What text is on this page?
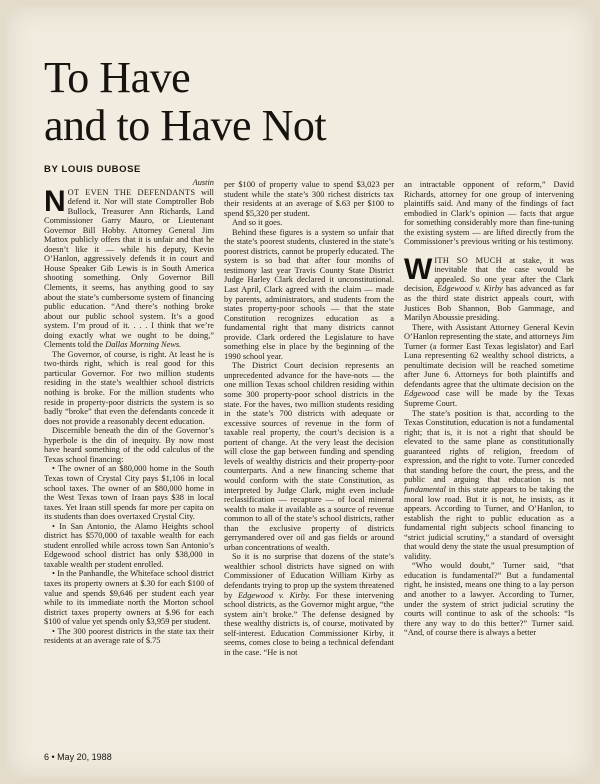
To Have
and to Have Not
BY LOUIS DUBOSE
Austin

NOT EVEN THE DEFENDANTS will defend it. Nor will state Comptroller Bob Bullock, Treasurer Ann Richards, Land Commissioner Garry Mauro, or Lieutenant Governor Bill Hobby. Attorney General Jim Mattox publicly offers that it is unfair and that he doesn’t like it — while his deputy, Kevin O’Hanlon, aggressively defends it in court and House Speaker Gib Lewis is in South America shooting something. Only Governor Bill Clements, it seems, has anything good to say about the state’s cumbersome system of financing public education. “And there’s nothing broke about our public school system. It’s a good system. I’m proud of it. . . . I think that we’re doing exactly what we ought to be doing,” Clements told the Dallas Morning News.

The Governor, of course, is right. At least he is two-thirds right, which is real good for this particular Governor. For two million students residing in the state’s wealthier school districts nothing is broke. For the million students who reside in property-poor districts the system is so badly “broke” that even the defendants concede it does not provide a reasonably decent education.

Discernible beneath the din of the Governor’s hyperbole is the din of inequity. By now most have heard something of the odd calculus of the Texas school financing:

• The owner of an $80,000 home in the South Texas town of Crystal City pays $1,106 in local school taxes. The owner of an $80,000 home in the West Texas town of Iraan pays $38 in local taxes. Yet Iraan still spends far more per capita on its students than does overtaxed Crystal City.

• In San Antonio, the Alamo Heights school district has $570,000 of taxable wealth for each student enrolled while across town San Antonio’s Edgewood school district has only $38,000 in taxable wealth per student enrolled.

• In the Panhandle, the Whiteface school district taxes its property owners at $.30 for each $100 of value and spends $9,646 per student each year while to its immediate north the Morton school district taxes property owners at $.96 for each $100 of value yet spends only $3,959 per student.

• The 300 poorest districts in the state tax their residents at an average rate of $.75

per $100 of property value to spend $3,023 per student while the state’s 300 richest districts tax their residents at an average of $.63 per $100 to spend $5,320 per student.

And so it goes.

Behind these figures is a system so unfair that the state’s poorest students, clustered in the state’s poorest districts, cannot be properly educated. The system is so bad that after four months of testimony last year Travis County State District Judge Harley Clark declared it unconstitutional. Last April, Clark agreed with the claim — made by parents, administrators, and students from the states property-poor schools — that the state Constitution recognizes education as a fundamental right that many districts cannot provide. Clark ordered the Legislature to have something else in place by the beginning of the 1990 school year.

The District Court decision represents an unprecedented advance for the have-nots — the one million Texas school children residing within some 300 property-poor school districts in the state. For the haves, two million students residing in the state’s 700 districts with adequate or excessive sources of revenue in the form of taxable real property, the court’s decision is a portent of change. At the very least the decision will close the gap between funding and spending levels of wealthy districts and their property-poor counterparts. And a new financing scheme that would conform with the state Constitution, as interpreted by Judge Clark, might even include reclassification — recapture — of local mineral wealth to make it available as a source of revenue common to all of the state’s school districts, rather than the exclusive property of districts gerrymandered over oil and gas fields or around urban concentrations of wealth.

So it is no surprise that dozens of the state’s wealthier school districts have signed on with Commissioner of Education William Kirby as defendants trying to prop up the system threatened by Edgewood v. Kirby. For these intervening school districts, as the Governor might argue, “the system ain’t broke.” The defense designed by these wealthy districts is, of course, motivated by self-interest. Education Commissioner Kirby, it seems, comes close to being a technical defendant in the case. “He is not

an intractable opponent of reform,” David Richards, attorney for one group of intervening plaintiffs said. And many of the findings of fact embodied in Clark’s opinion — facts that argue for something considerably more than fine-tuning the existing system — are lifted directly from the Commissioner’s previous writing or his testimony.

WITH SO MUCH at stake, it was inevitable that the case would be appealed. So one year after the Clark decision, Edgewood v. Kirby has advanced as far as the third state district appeals court, with Justices Bob Shannon, Bob Gammage, and Marilyn Aboussie presiding.

There, with Assistant Attorney General Kevin O’Hanlon representing the state, and attorneys Jim Turner (a former East Texas legislator) and Earl Luna representing 62 wealthy school districts, a penultimate decision will be reached sometime after June 6. Attorneys for both plaintiffs and defendants agree that the ultimate decision on the Edgewood case will be made by the Texas Supreme Court.

The state’s position is that, according to the Texas Constitution, education is not a fundamental right; that is, it is not a right that should be elevated to the same plane as constitutionally guaranteed rights of religion, freedom of expression, and the right to vote. Turner conceded that standing before the court, the press, and the public and arguing that education is not fundamental in this state appears to be taking the moral low road. But it is not, he insists, as it appears. According to Turner, and O’Hanlon, to establish the right to public education as a fundamental right subjects school financing to “strict judicial scrutiny,” a standard of oversight that would deny the state the usual presumption of validity.

“Who would doubt,” Turner said, “that education is fundamental?” But a fundamental right, he insisted, means one thing to a lay person and another to a lawyer. According to Turner, under the system of strict judicial scrutiny the courts will continue to ask of the schools: “Is there any way to do this better?” Turner said. “And, of course there is always a better

6 • May 20, 1988
